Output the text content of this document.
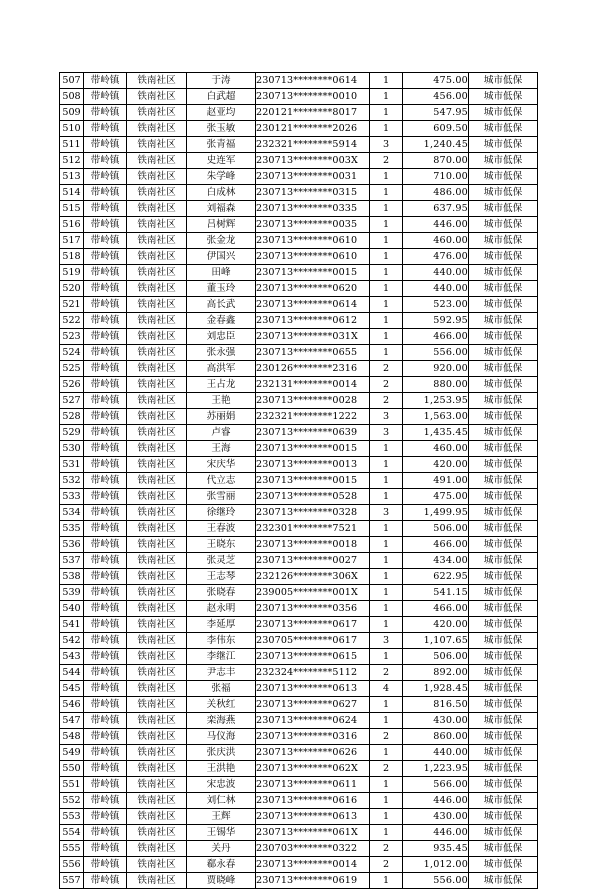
507	带岭镇	铁南社区	于涛	230713********0614	1	475.00	城市低保
508	带岭镇	铁南社区	白武超	230713********0010	1	456.00	城市低保
509	带岭镇	铁南社区	赵亚均	220121********8017	1	547.95	城市低保
510	带岭镇	铁南社区	张玉敏	230121********2026	1	609.50	城市低保
511	带岭镇	铁南社区	张青福	232321********5914	3	1,240.45	城市低保
512	带岭镇	铁南社区	史连军	230713********003X	2	870.00	城市低保
513	带岭镇	铁南社区	朱学峰	230713********0031	1	710.00	城市低保
514	带岭镇	铁南社区	白成林	230713********0315	1	486.00	城市低保
515	带岭镇	铁南社区	刘福森	230713********0335	1	637.95	城市低保
516	带岭镇	铁南社区	吕树辉	230713********0035	1	446.00	城市低保
517	带岭镇	铁南社区	张金龙	230713********0610	1	460.00	城市低保
518	带岭镇	铁南社区	伊国兴	230713********0610	1	476.00	城市低保
519	带岭镇	铁南社区	田峰	230713********0015	1	440.00	城市低保
520	带岭镇	铁南社区	董玉玲	230713********0620	1	440.00	城市低保
521	带岭镇	铁南社区	高长武	230713********0614	1	523.00	城市低保
522	带岭镇	铁南社区	金春鑫	230713********0612	1	592.95	城市低保
523	带岭镇	铁南社区	刘忠臣	230713********031X	1	466.00	城市低保
524	带岭镇	铁南社区	张永强	230713********0655	1	556.00	城市低保
525	带岭镇	铁南社区	高洪军	230126********2316	2	920.00	城市低保
526	带岭镇	铁南社区	王占龙	232131********0014	2	880.00	城市低保
527	带岭镇	铁南社区	王艳	230713********0028	2	1,253.95	城市低保
528	带岭镇	铁南社区	苏丽娟	232321********1222	3	1,563.00	城市低保
529	带岭镇	铁南社区	卢睿	230713********0639	3	1,435.45	城市低保
530	带岭镇	铁南社区	王海	230713********0015	1	460.00	城市低保
531	带岭镇	铁南社区	宋庆华	230713********0013	1	420.00	城市低保
532	带岭镇	铁南社区	代立志	230713********0015	1	491.00	城市低保
533	带岭镇	铁南社区	张雪丽	230713********0528	1	475.00	城市低保
534	带岭镇	铁南社区	徐继玲	230713********0328	3	1,499.95	城市低保
535	带岭镇	铁南社区	王春波	232301********7521	1	506.00	城市低保
536	带岭镇	铁南社区	王晓东	230713********0018	1	466.00	城市低保
537	带岭镇	铁南社区	张灵芝	230713********0027	1	434.00	城市低保
538	带岭镇	铁南社区	王志琴	232126********306X	1	622.95	城市低保
539	带岭镇	铁南社区	张晓春	239005********001X	1	541.15	城市低保
540	带岭镇	铁南社区	赵永明	230713********0356	1	466.00	城市低保
541	带岭镇	铁南社区	李延厚	230713********0617	1	420.00	城市低保
542	带岭镇	铁南社区	李伟东	230705********0617	3	1,107.65	城市低保
543	带岭镇	铁南社区	李继江	230713********0615	1	506.00	城市低保
544	带岭镇	铁南社区	尹志丰	232324********5112	2	892.00	城市低保
545	带岭镇	铁南社区	张福	230713********0613	4	1,928.45	城市低保
546	带岭镇	铁南社区	关秋红	230713********0627	1	816.50	城市低保
547	带岭镇	铁南社区	栾海燕	230713********0624	1	430.00	城市低保
548	带岭镇	铁南社区	马仪海	230713********0316	2	860.00	城市低保
549	带岭镇	铁南社区	张庆洪	230713********0626	1	440.00	城市低保
550	带岭镇	铁南社区	王洪艳	230713********062X	2	1,223.95	城市低保
551	带岭镇	铁南社区	宋忠波	230713********0611	1	566.00	城市低保
552	带岭镇	铁南社区	刘仁林	230713********0616	1	446.00	城市低保
553	带岭镇	铁南社区	王辉	230713********0613	1	430.00	城市低保
554	带岭镇	铁南社区	王锡华	230713********061X	1	446.00	城市低保
555	带岭镇	铁南社区	关丹	230703********0322	2	935.45	城市低保
556	带岭镇	铁南社区	郗永春	230713********0014	2	1,012.00	城市低保
557	带岭镇	铁南社区	贾晓峰	230713********0619	1	556.00	城市低保
